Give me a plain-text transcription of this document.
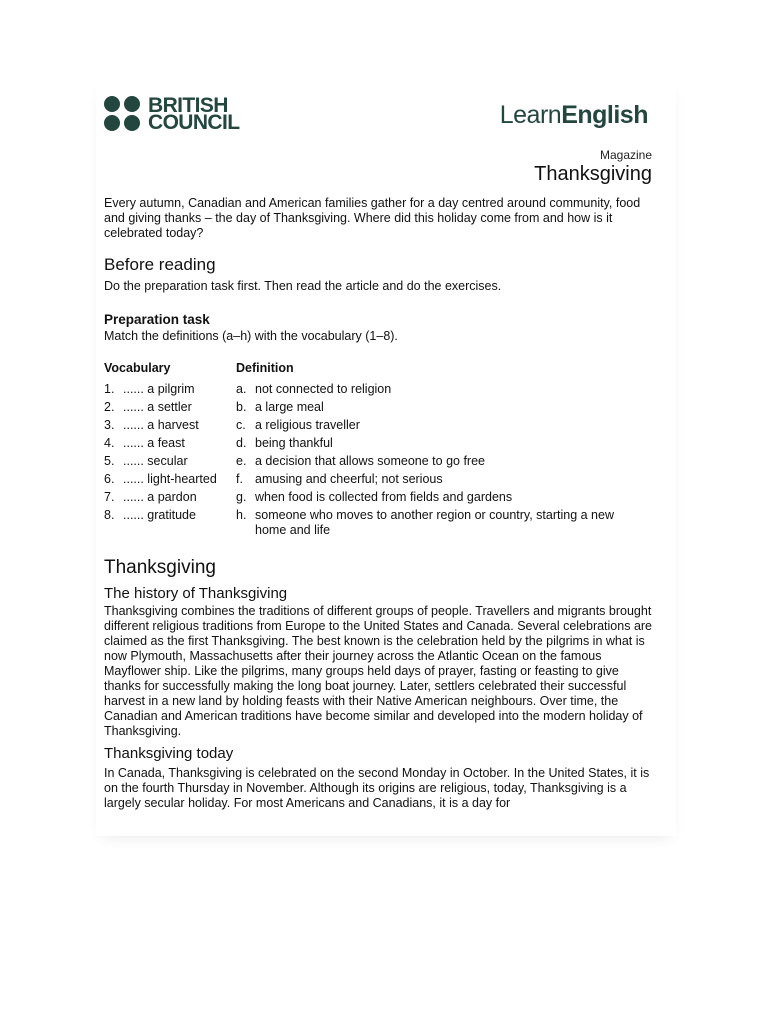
BRITISH
COUNCIL	LearnEnglish
Magazine
Thanksgiving
Every autumn, Canadian and American families gather for a day centred around community, food and giving thanks – the day of Thanksgiving. Where did this holiday come from and how is it celebrated today?
Before reading
Do the preparation task first. Then read the article and do the exercises.
Preparation task
Match the definitions (a–h) with the vocabulary (1–8).
Vocabulary	Definition
1. ...... a pilgrim
2. ...... a settler
3. ...... a harvest
4. ...... a feast
5. ...... secular
6. ...... light-hearted
7. ...... a pardon
8. ...... gratitude
a. not connected to religion
b. a large meal
c. a religious traveller
d. being thankful
e. a decision that allows someone to go free
f. amusing and cheerful; not serious
g. when food is collected from fields and gardens
h. someone who moves to another region or country, starting a new home and life
Thanksgiving
The history of Thanksgiving
Thanksgiving combines the traditions of different groups of people. Travellers and migrants brought different religious traditions from Europe to the United States and Canada. Several celebrations are claimed as the first Thanksgiving. The best known is the celebration held by the pilgrims in what is now Plymouth, Massachusetts after their journey across the Atlantic Ocean on the famous Mayflower ship. Like the pilgrims, many groups held days of prayer, fasting or feasting to give thanks for successfully making the long boat journey. Later, settlers celebrated their successful harvest in a new land by holding feasts with their Native American neighbours. Over time, the Canadian and American traditions have become similar and developed into the modern holiday of Thanksgiving.
Thanksgiving today
In Canada, Thanksgiving is celebrated on the second Monday in October. In the United States, it is on the fourth Thursday in November. Although its origins are religious, today, Thanksgiving is a largely secular holiday. For most Americans and Canadians, it is a day for
